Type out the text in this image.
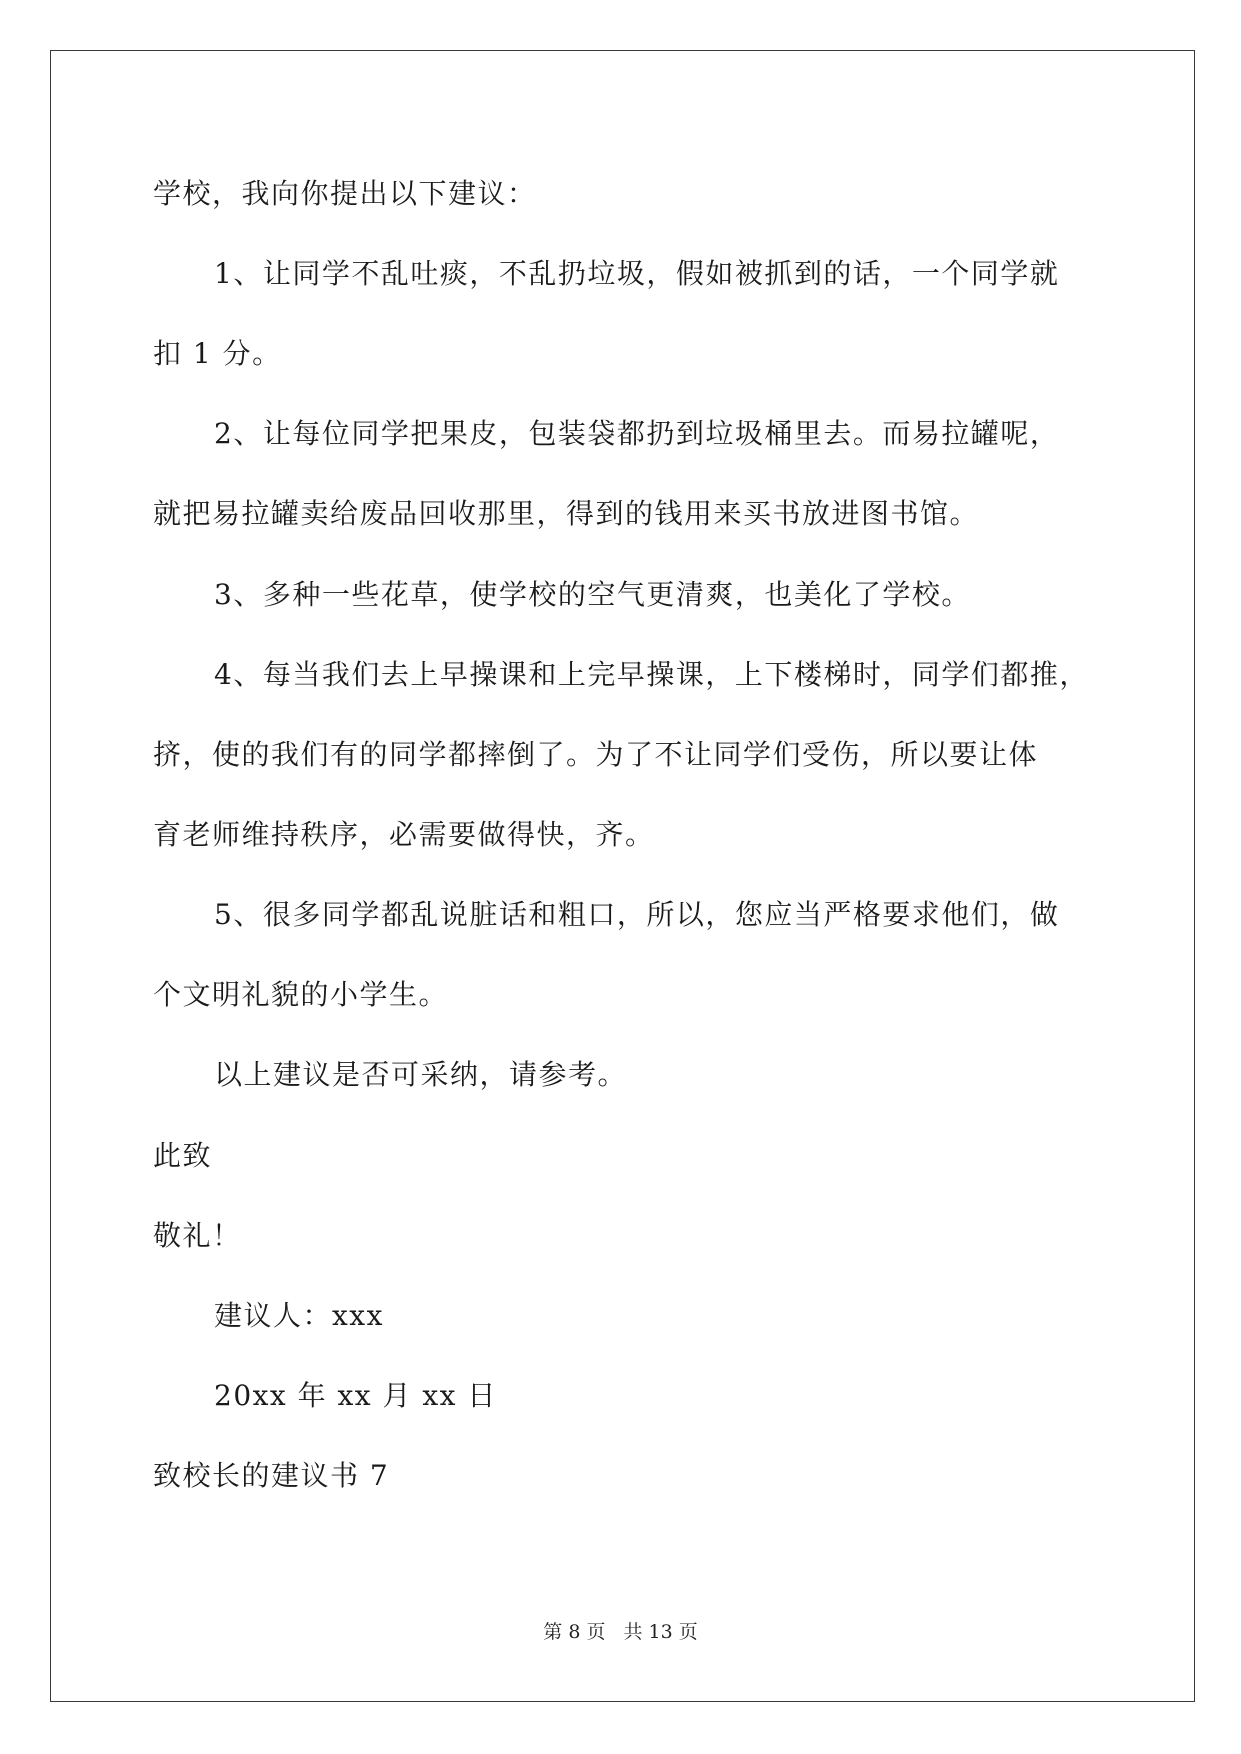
学校，我向你提出以下建议：
1、让同学不乱吐痰，不乱扔垃圾，假如被抓到的话，一个同学就
扣 1 分。
2、让每位同学把果皮，包装袋都扔到垃圾桶里去。而易拉罐呢，
就把易拉罐卖给废品回收那里，得到的钱用来买书放进图书馆。
3、多种一些花草，使学校的空气更清爽，也美化了学校。
4、每当我们去上早操课和上完早操课，上下楼梯时，同学们都推，
挤，使的我们有的同学都摔倒了。为了不让同学们受伤，所以要让体
育老师维持秩序，必需要做得快，齐。
5、很多同学都乱说脏话和粗口，所以，您应当严格要求他们，做
个文明礼貌的小学生。
以上建议是否可采纳，请参考。
此致
敬礼！
建议人：xxx
20xx 年 xx 月 xx 日
致校长的建议书 7
第 8 页 共 13 页
